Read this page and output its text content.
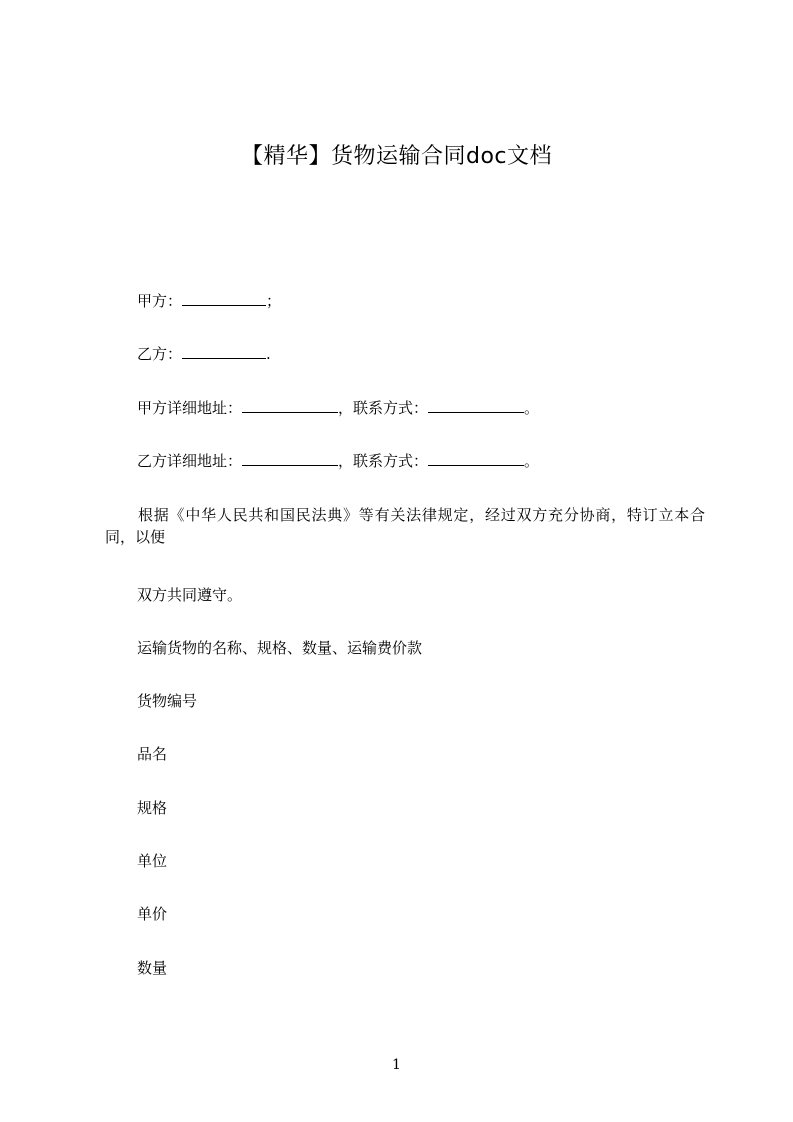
【精华】货物运输合同doc文档

甲方：	；

乙方：	.

甲方详细地址：	，联系方式：	。

乙方详细地址：	，联系方式：	。

根据《中华人民共和国民法典》等有关法律规定，经过双方充分协商，特订立本合同，以便

双方共同遵守。

运输货物的名称、规格、数量、运输费价款

货物编号

品名

规格

单位

单价

数量

1
